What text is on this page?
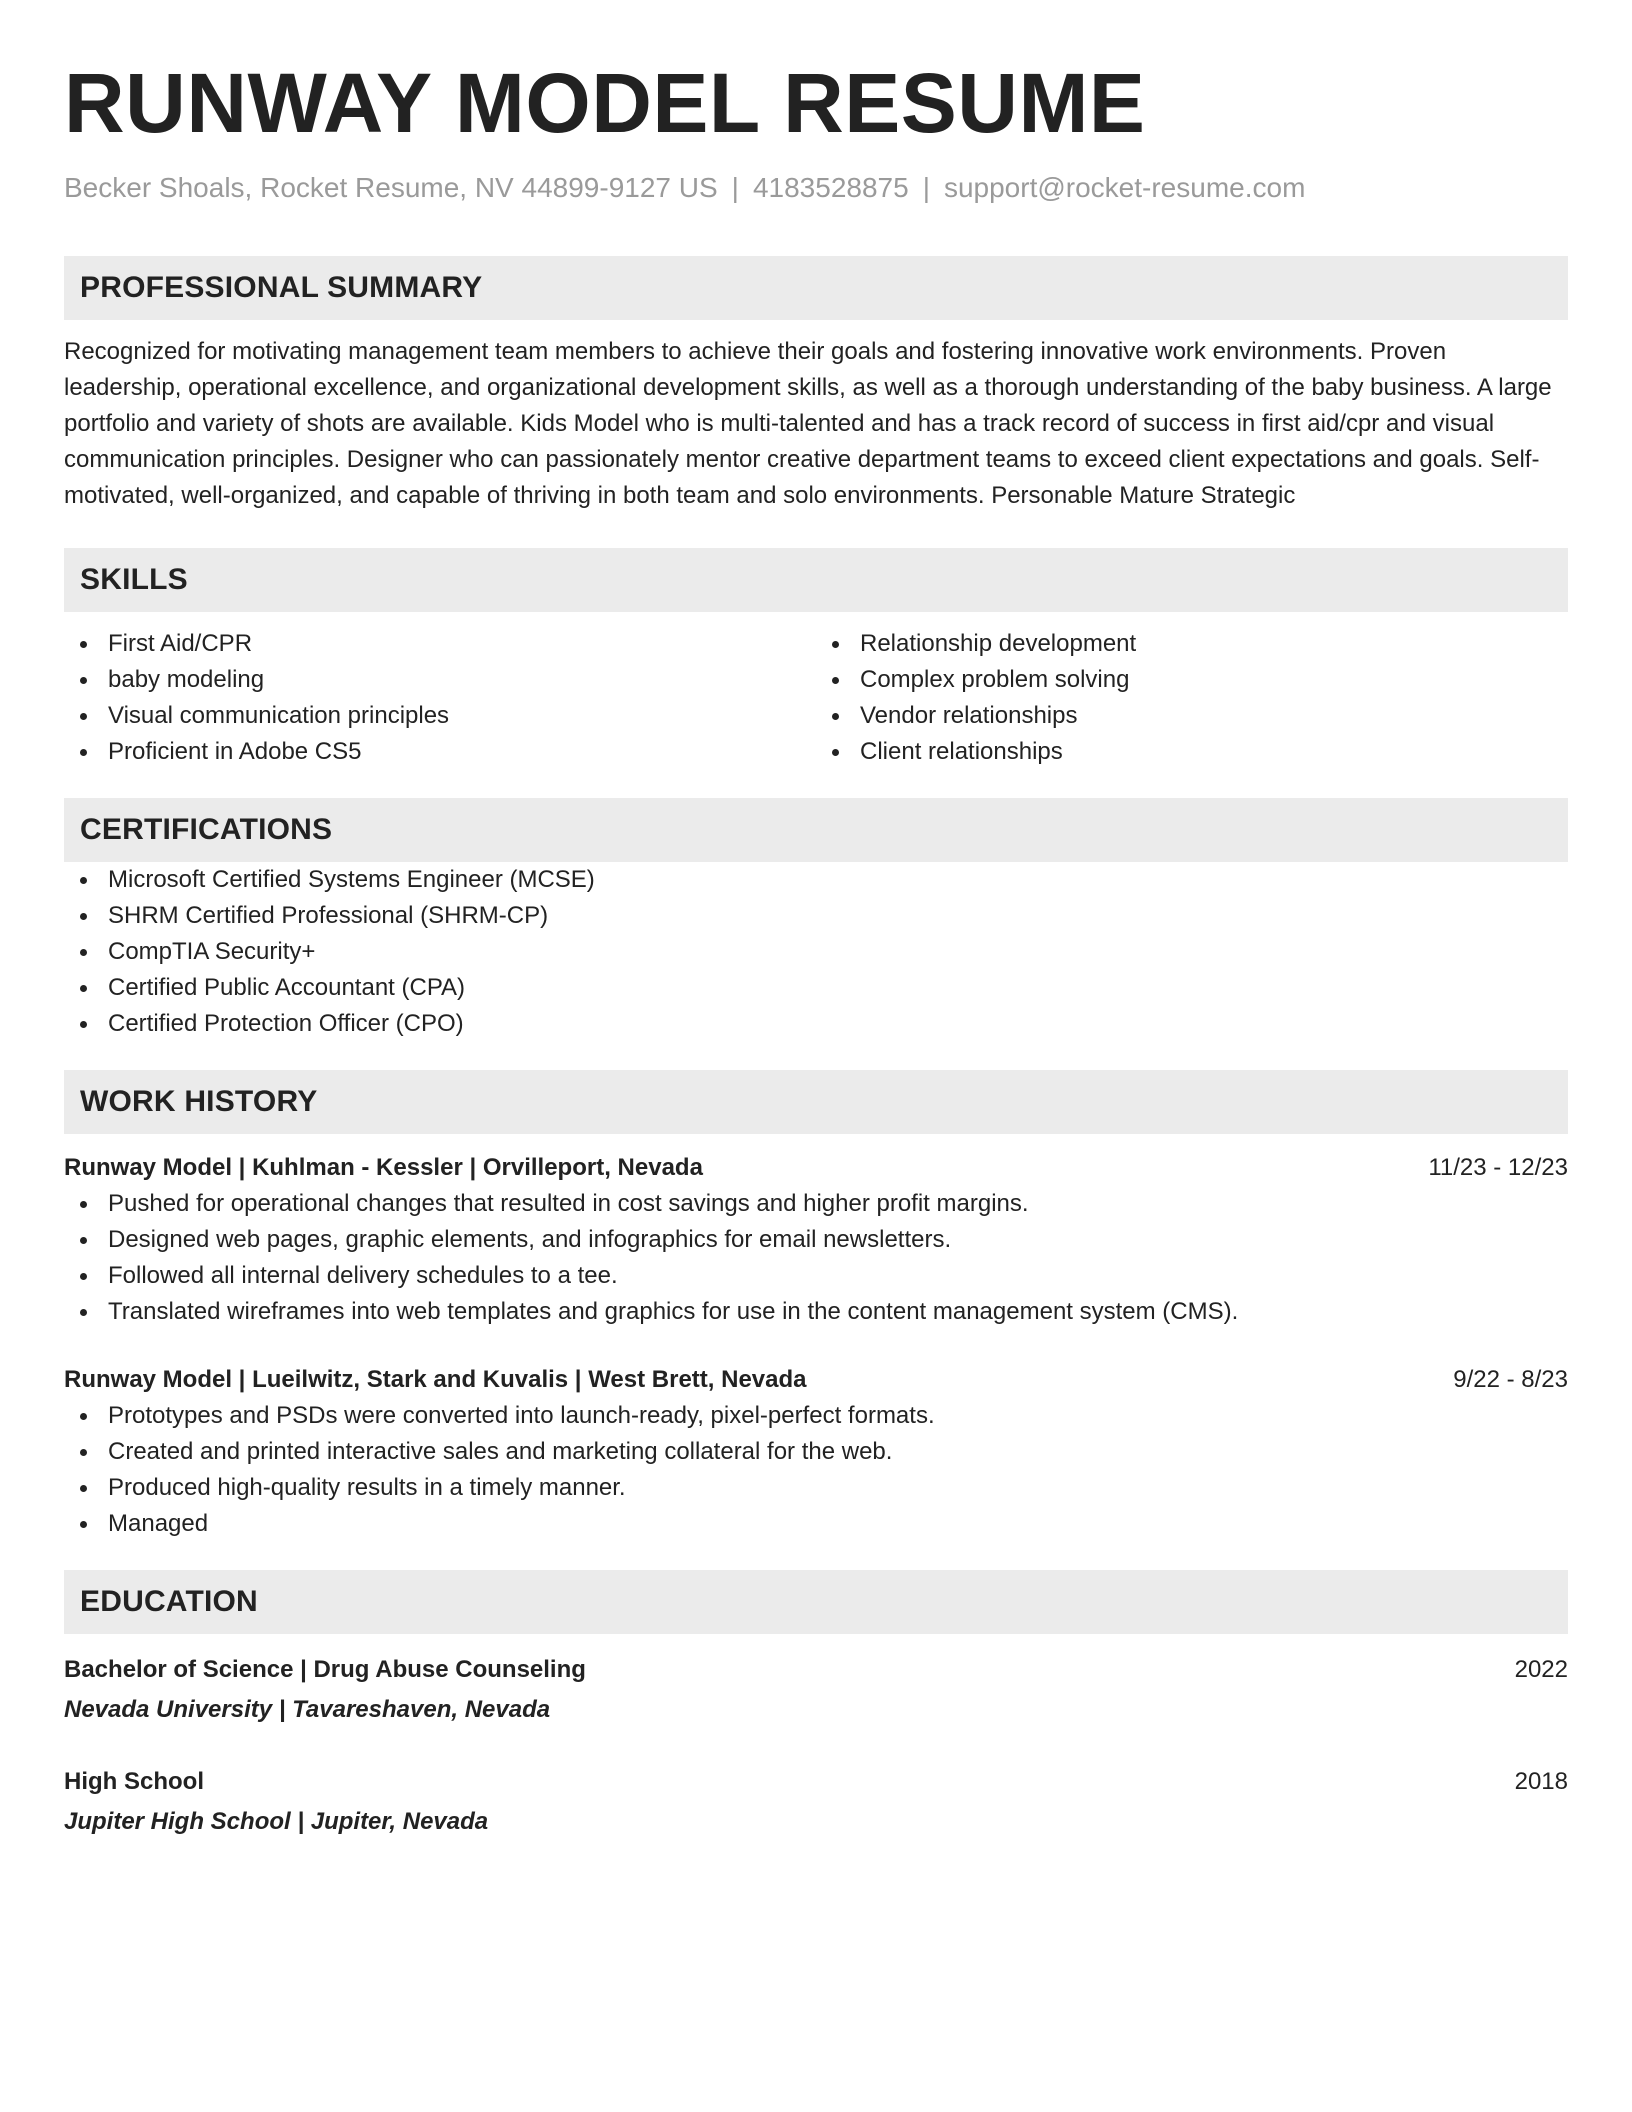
RUNWAY MODEL RESUME
Becker Shoals, Rocket Resume, NV 44899-9127 US | 4183528875 | support@rocket-resume.com
PROFESSIONAL SUMMARY
Recognized for motivating management team members to achieve their goals and fostering innovative work environments. Proven leadership, operational excellence, and organizational development skills, as well as a thorough understanding of the baby business. A large portfolio and variety of shots are available. Kids Model who is multi-talented and has a track record of success in first aid/cpr and visual communication principles. Designer who can passionately mentor creative department teams to exceed client expectations and goals. Self-motivated, well-organized, and capable of thriving in both team and solo environments. Personable Mature Strategic
SKILLS
First Aid/CPR
baby modeling
Visual communication principles
Proficient in Adobe CS5
Relationship development
Complex problem solving
Vendor relationships
Client relationships
CERTIFICATIONS
Microsoft Certified Systems Engineer (MCSE)
SHRM Certified Professional (SHRM-CP)
CompTIA Security+
Certified Public Accountant (CPA)
Certified Protection Officer (CPO)
WORK HISTORY
Runway Model | Kuhlman - Kessler | Orvilleport, Nevada	11/23 - 12/23
Pushed for operational changes that resulted in cost savings and higher profit margins.
Designed web pages, graphic elements, and infographics for email newsletters.
Followed all internal delivery schedules to a tee.
Translated wireframes into web templates and graphics for use in the content management system (CMS).
Runway Model | Lueilwitz, Stark and Kuvalis | West Brett, Nevada	9/22 - 8/23
Prototypes and PSDs were converted into launch-ready, pixel-perfect formats.
Created and printed interactive sales and marketing collateral for the web.
Produced high-quality results in a timely manner.
Managed
EDUCATION
Bachelor of Science | Drug Abuse Counseling	2022
Nevada University | Tavareshaven, Nevada
High School	2018
Jupiter High School | Jupiter, Nevada
